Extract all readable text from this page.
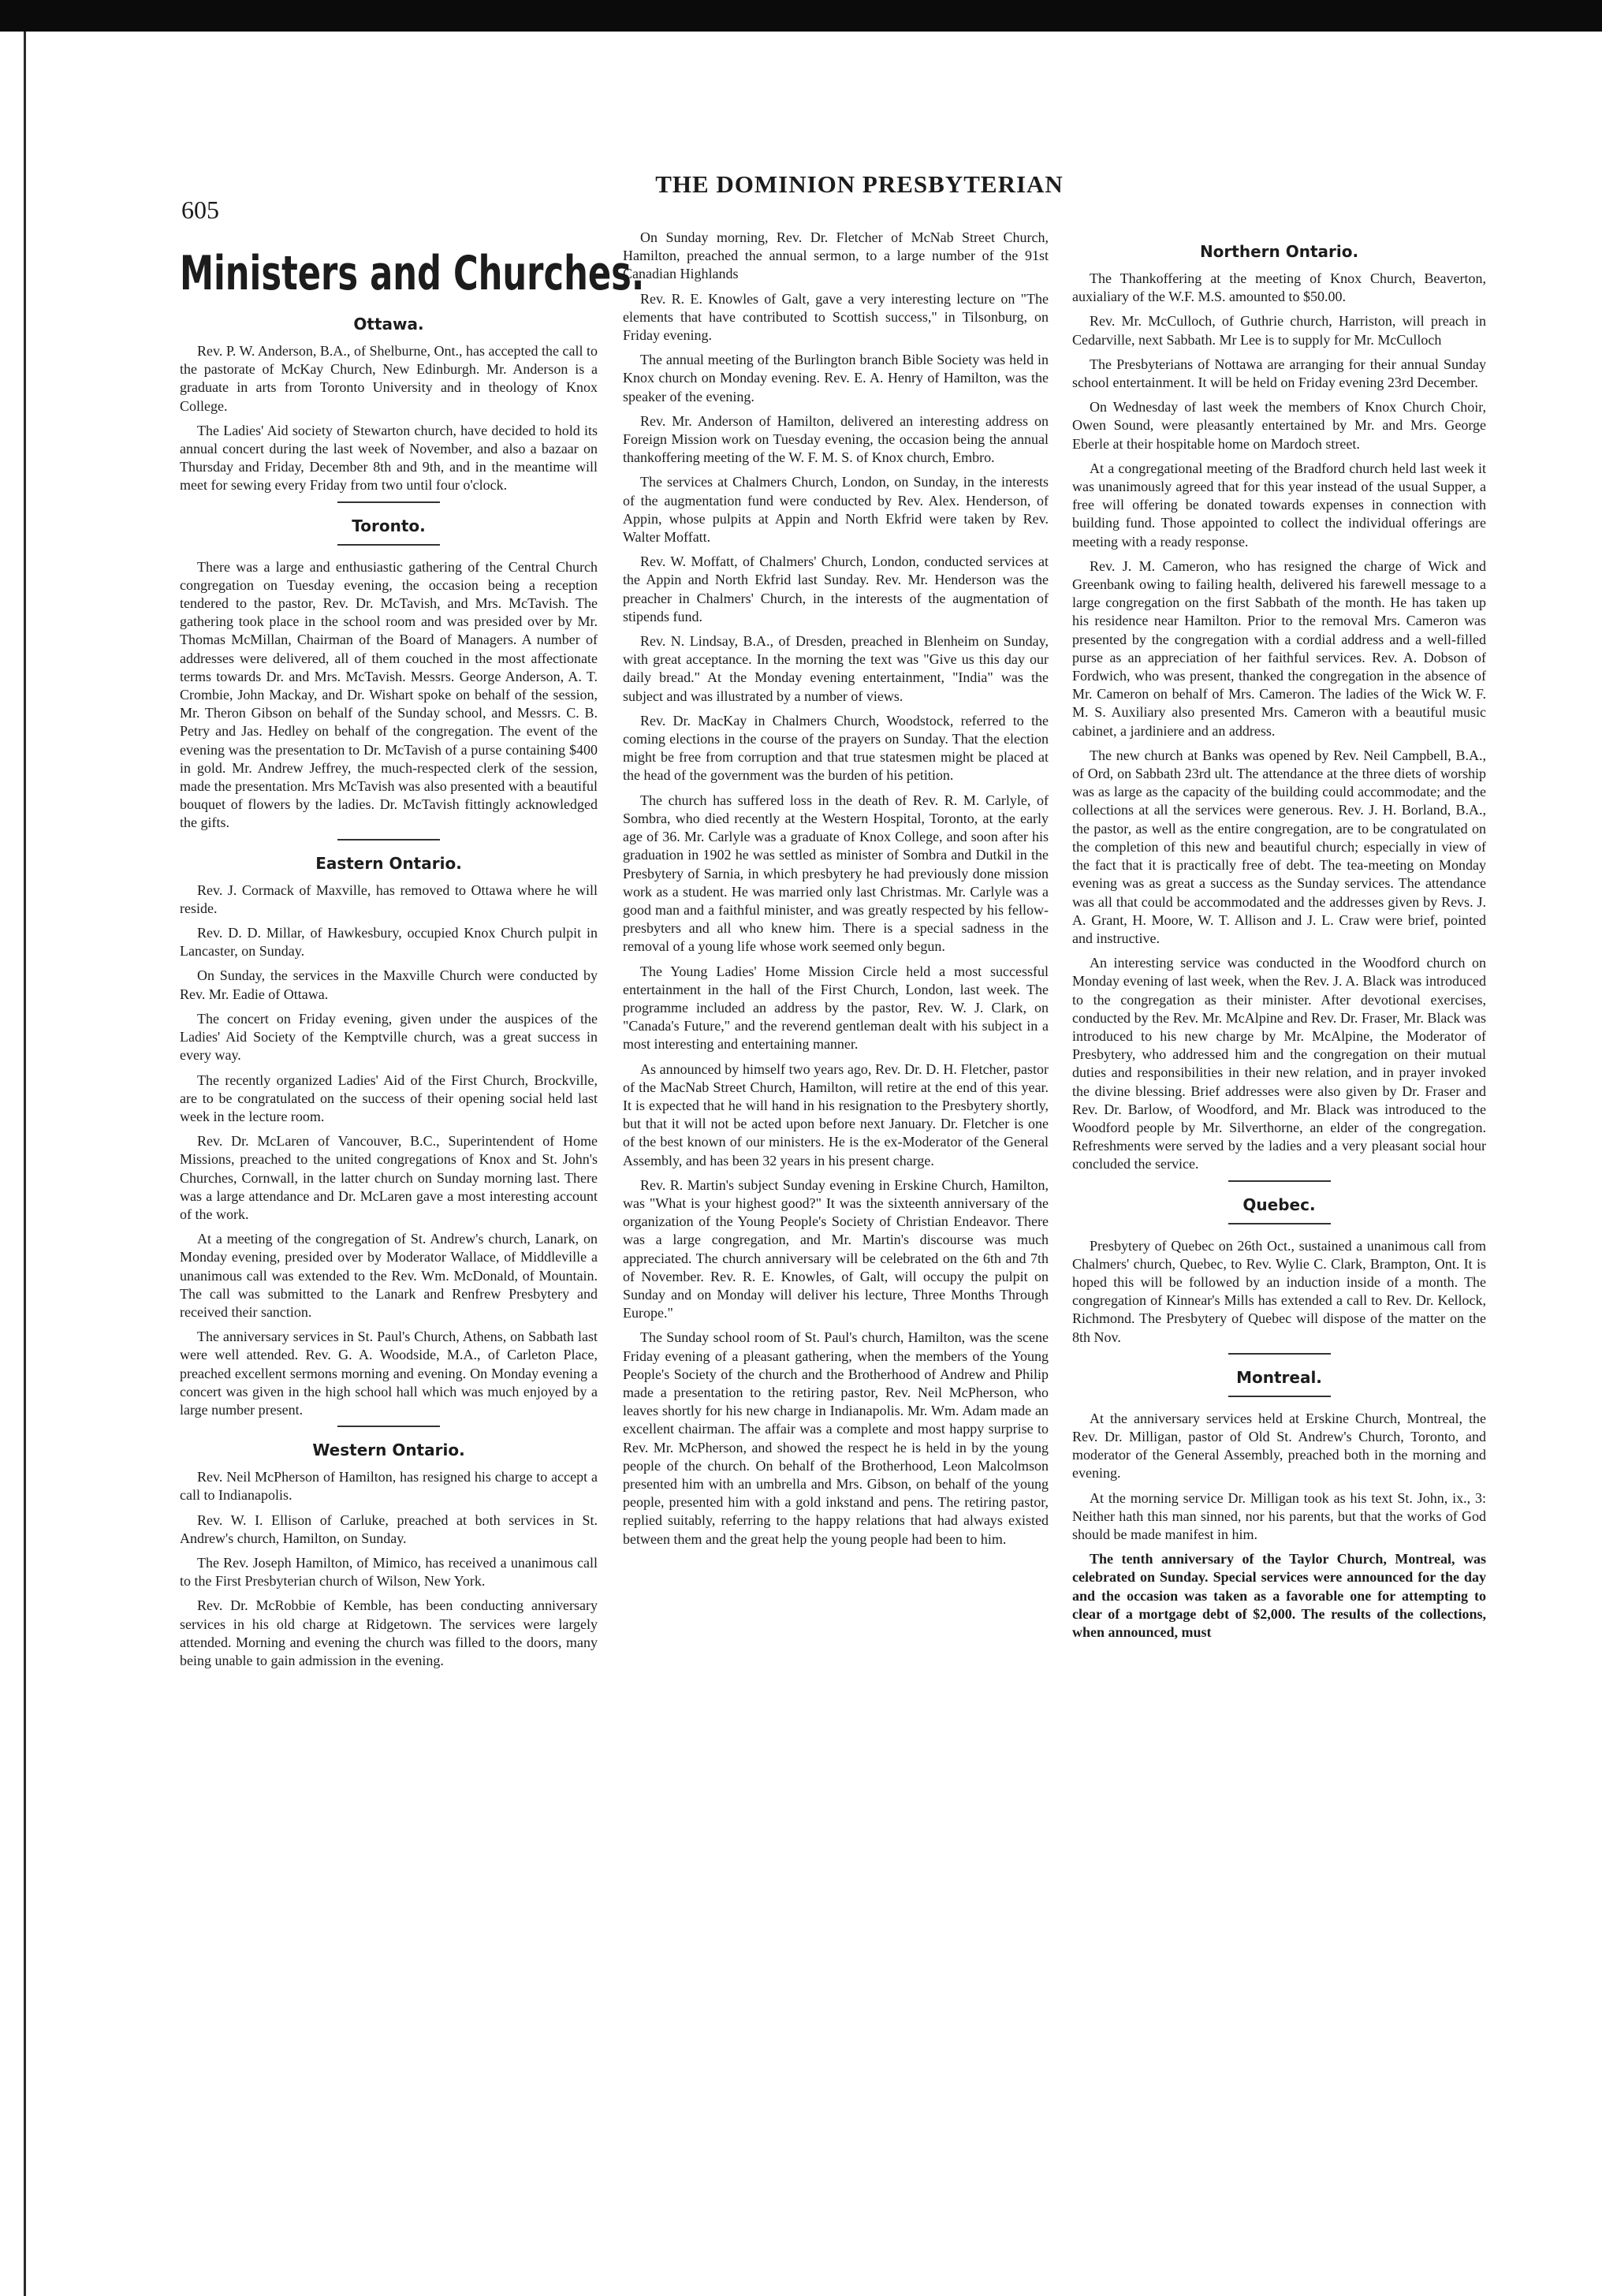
605
THE DOMINION PRESBYTERIAN
Ministers and Churches.
Ottawa.

Rev. P. W. Anderson, B.A., of Shelburne, Ont., has accepted the call to the pastorate of McKay Church, New Edinburgh. Mr. Anderson is a graduate in arts from Toronto University and in theology of Knox College.

The Ladies' Aid society of Stewarton church, have decided to hold its annual concert during the last week of November, and also a bazaar on Thursday and Friday, December 8th and 9th, and in the meantime will meet for sewing every Friday from two until four o'clock.

Toronto.

There was a large and enthusiastic gathering of the Central Church congregation on Tuesday evening, the occasion being a reception tendered to the pastor, Rev. Dr. McTavish, and Mrs. McTavish. The gathering took place in the school room and was presided over by Mr. Thomas McMillan, Chairman of the Board of Managers. A number of addresses were delivered, all of them couched in the most affectionate terms towards Dr. and Mrs. McTavish. Messrs. George Anderson, A. T. Crombie, John Mackay, and Dr. Wishart spoke on behalf of the session, Mr. Theron Gibson on behalf of the Sunday school, and Messrs. C. B. Petry and Jas. Hedley on behalf of the congregation. The event of the evening was the presentation to Dr. McTavish of a purse containing $400 in gold. Mr. Andrew Jeffrey, the much-respected clerk of the session, made the presentation. Mrs McTavish was also presented with a beautiful bouquet of flowers by the ladies. Dr. McTavish fittingly acknowledged the gifts.

Eastern Ontario.

Rev. J. Cormack of Maxville, has removed to Ottawa where he will reside.

Rev. D. D. Millar, of Hawkesbury, occupied Knox Church pulpit in Lancaster, on Sunday.

On Sunday, the services in the Maxville Church were conducted by Rev. Mr. Eadie of Ottawa.

The concert on Friday evening, given under the auspices of the Ladies' Aid Society of the Kemptville church, was a great success in every way.

The recently organized Ladies' Aid of the First Church, Brockville, are to be congratulated on the success of their opening social held last week in the lecture room.

Rev. Dr. McLaren of Vancouver, B.C., Superintendent of Home Missions, preached to the united congregations of Knox and St. John's Churches, Cornwall, in the latter church on Sunday morning last. There was a large attendance and Dr. McLaren gave a most interesting account of the work.

At a meeting of the congregation of St. Andrew's church, Lanark, on Monday evening, presided over by Moderator Wallace, of Middleville a unanimous call was extended to the Rev. Wm. McDonald, of Mountain. The call was submitted to the Lanark and Renfrew Presbytery and received their sanction.

The anniversary services in St. Paul's Church, Athens, on Sabbath last were well attended. Rev. G. A. Woodside, M.A., of Carleton Place, preached excellent sermons morning and evening. On Monday evening a concert was given in the high school hall which was much enjoyed by a large number present.

Western Ontario.

Rev. Neil McPherson of Hamilton, has resigned his charge to accept a call to Indianapolis.

Rev. W. I. Ellison of Carluke, preached at both services in St. Andrew's church, Hamilton, on Sunday.

The Rev. Joseph Hamilton, of Mimico, has received a unanimous call to the First Presbyterian church of Wilson, New York.

Rev. Dr. McRobbie of Kemble, has been conducting anniversary services in his old charge at Ridgetown. The services were largely attended. Morning and evening the church was filled to the doors, many being unable to gain admission in the evening.

On Sunday morning, Rev. Dr. Fletcher of McNab Street Church, Hamilton, preached the annual sermon, to a large number of the 91st Canadian Highlands

Rev. R. E. Knowles of Galt, gave a very interesting lecture on "The elements that have contributed to Scottish success," in Tilsonburg, on Friday evening.

The annual meeting of the Burlington branch Bible Society was held in Knox church on Monday evening. Rev. E. A. Henry of Hamilton, was the speaker of the evening.

Rev. Mr. Anderson of Hamilton, delivered an interesting address on Foreign Mission work on Tuesday evening, the occasion being the annual thankoffering meeting of the W. F. M. S. of Knox church, Embro.

The services at Chalmers Church, London, on Sunday, in the interests of the augmentation fund were conducted by Rev. Alex. Henderson, of Appin, whose pulpits at Appin and North Ekfrid were taken by Rev. Walter Moffatt.

Rev. W. Moffatt, of Chalmers' Church, London, conducted services at the Appin and North Ekfrid last Sunday. Rev. Mr. Henderson was the preacher in Chalmers' Church, in the interests of the augmentation of stipends fund.

Rev. N. Lindsay, B.A., of Dresden, preached in Blenheim on Sunday, with great acceptance. In the morning the text was "Give us this day our daily bread." At the Monday evening entertainment, "India" was the subject and was illustrated by a number of views.

Rev. Dr. MacKay in Chalmers Church, Woodstock, referred to the coming elections in the course of the prayers on Sunday. That the election might be free from corruption and that true statesmen might be placed at the head of the government was the burden of his petition.

The church has suffered loss in the death of Rev. R. M. Carlyle, of Sombra, who died recently at the Western Hospital, Toronto, at the early age of 36. Mr. Carlyle was a graduate of Knox College, and soon after his graduation in 1902 he was settled as minister of Sombra and Dutkil in the Presbytery of Sarnia, in which presbytery he had previously done mission work as a student. He was married only last Christmas. Mr. Carlyle was a good man and a faithful minister, and was greatly respected by his fellow-presbyters and all who knew him. There is a special sadness in the removal of a young life whose work seemed only begun.

The Young Ladies' Home Mission Circle held a most successful entertainment in the hall of the First Church, London, last week. The programme included an address by the pastor, Rev. W. J. Clark, on "Canada's Future," and the reverend gentleman dealt with his subject in a most interesting and entertaining manner.

As announced by himself two years ago, Rev. Dr. D. H. Fletcher, pastor of the MacNab Street Church, Hamilton, will retire at the end of this year. It is expected that he will hand in his resignation to the Presbytery shortly, but that it will not be acted upon before next January. Dr. Fletcher is one of the best known of our ministers. He is the ex-Moderator of the General Assembly, and has been 32 years in his present charge.

Rev. R. Martin's subject Sunday evening in Erskine Church, Hamilton, was "What is your highest good?" It was the sixteenth anniversary of the organization of the Young People's Society of Christian Endeavor. There was a large congregation, and Mr. Martin's discourse was much appreciated. The church anniversary will be celebrated on the 6th and 7th of November. Rev. R. E. Knowles, of Galt, will occupy the pulpit on Sunday and on Monday will deliver his lecture, Three Months Through Europe."

The Sunday school room of St. Paul's church, Hamilton, was the scene Friday evening of a pleasant gathering, when the members of the Young People's Society of the church and the Brotherhood of Andrew and Philip made a presentation to the retiring pastor, Rev. Neil McPherson, who leaves shortly for his new charge in Indianapolis. Mr. Wm. Adam made an excellent chairman. The affair was a complete and most happy surprise to Rev. Mr. McPherson, and showed the respect he is held in by the young people of the church. On behalf of the Brotherhood, Leon Malcolmson presented him with an umbrella and Mrs. Gibson, on behalf of the young people, presented him with a gold inkstand and pens. The retiring pastor, replied suitably, referring to the happy relations that had always existed between them and the great help the young people had been to him.

Northern Ontario.

The Thankoffering at the meeting of Knox Church, Beaverton, auxialiary of the W.F. M.S. amounted to $50.00.

Rev. Mr. McCulloch, of Guthrie church, Harriston, will preach in Cedarville, next Sabbath. Mr Lee is to supply for Mr. McCulloch

The Presbyterians of Nottawa are arranging for their annual Sunday school entertainment. It will be held on Friday evening 23rd December.

On Wednesday of last week the members of Knox Church Choir, Owen Sound, were pleasantly entertained by Mr. and Mrs. George Eberle at their hospitable home on Mardoch street.

At a congregational meeting of the Bradford church held last week it was unanimously agreed that for this year instead of the usual Supper, a free will offering be donated towards expenses in connection with building fund. Those appointed to collect the individual offerings are meeting with a ready response.

Rev. J. M. Cameron, who has resigned the charge of Wick and Greenbank owing to failing health, delivered his farewell message to a large congregation on the first Sabbath of the month. He has taken up his residence near Hamilton. Prior to the removal Mrs. Cameron was presented by the congregation with a cordial address and a well-filled purse as an appreciation of her faithful services. Rev. A. Dobson of Fordwich, who was present, thanked the congregation in the absence of Mr. Cameron on behalf of Mrs. Cameron. The ladies of the Wick W. F. M. S. Auxiliary also presented Mrs. Cameron with a beautiful music cabinet, a jardiniere and an address.

The new church at Banks was opened by Rev. Neil Campbell, B.A., of Ord, on Sabbath 23rd ult. The attendance at the three diets of worship was as large as the capacity of the building could accommodate; and the collections at all the services were generous. Rev. J. H. Borland, B.A., the pastor, as well as the entire congregation, are to be congratulated on the completion of this new and beautiful church; especially in view of the fact that it is practically free of debt. The tea-meeting on Monday evening was as great a success as the Sunday services. The attendance was all that could be accommodated and the addresses given by Revs. J. A. Grant, H. Moore, W. T. Allison and J. L. Craw were brief, pointed and instructive.

An interesting service was conducted in the Woodford church on Monday evening of last week, when the Rev. J. A. Black was introduced to the congregation as their minister. After devotional exercises, conducted by the Rev. Mr. McAlpine and Rev. Dr. Fraser, Mr. Black was introduced to his new charge by Mr. McAlpine, the Moderator of Presbytery, who addressed him and the congregation on their mutual duties and responsibilities in their new relation, and in prayer invoked the divine blessing. Brief addresses were also given by Dr. Fraser and Rev. Dr. Barlow, of Woodford, and Mr. Black was introduced to the Woodford people by Mr. Silverthorne, an elder of the congregation. Refreshments were served by the ladies and a very pleasant social hour concluded the service.

Quebec.

Presbytery of Quebec on 26th Oct., sustained a unanimous call from Chalmers' church, Quebec, to Rev. Wylie C. Clark, Brampton, Ont. It is hoped this will be followed by an induction inside of a month. The congregation of Kinnear's Mills has extended a call to Rev. Dr. Kellock, Richmond. The Presbytery of Quebec will dispose of the matter on the 8th Nov.

Montreal.

At the anniversary services held at Erskine Church, Montreal, the Rev. Dr. Milligan, pastor of Old St. Andrew's Church, Toronto, and moderator of the General Assembly, preached both in the morning and evening.

At the morning service Dr. Milligan took as his text St. John, ix., 3: Neither hath this man sinned, nor his parents, but that the works of God should be made manifest in him.

The tenth anniversary of the Taylor Church, Montreal, was celebrated on Sunday. Special services were announced for the day and the occasion was taken as a favorable one for attempting to clear of a mortgage debt of $2,000. The results of the collections, when announced, must
